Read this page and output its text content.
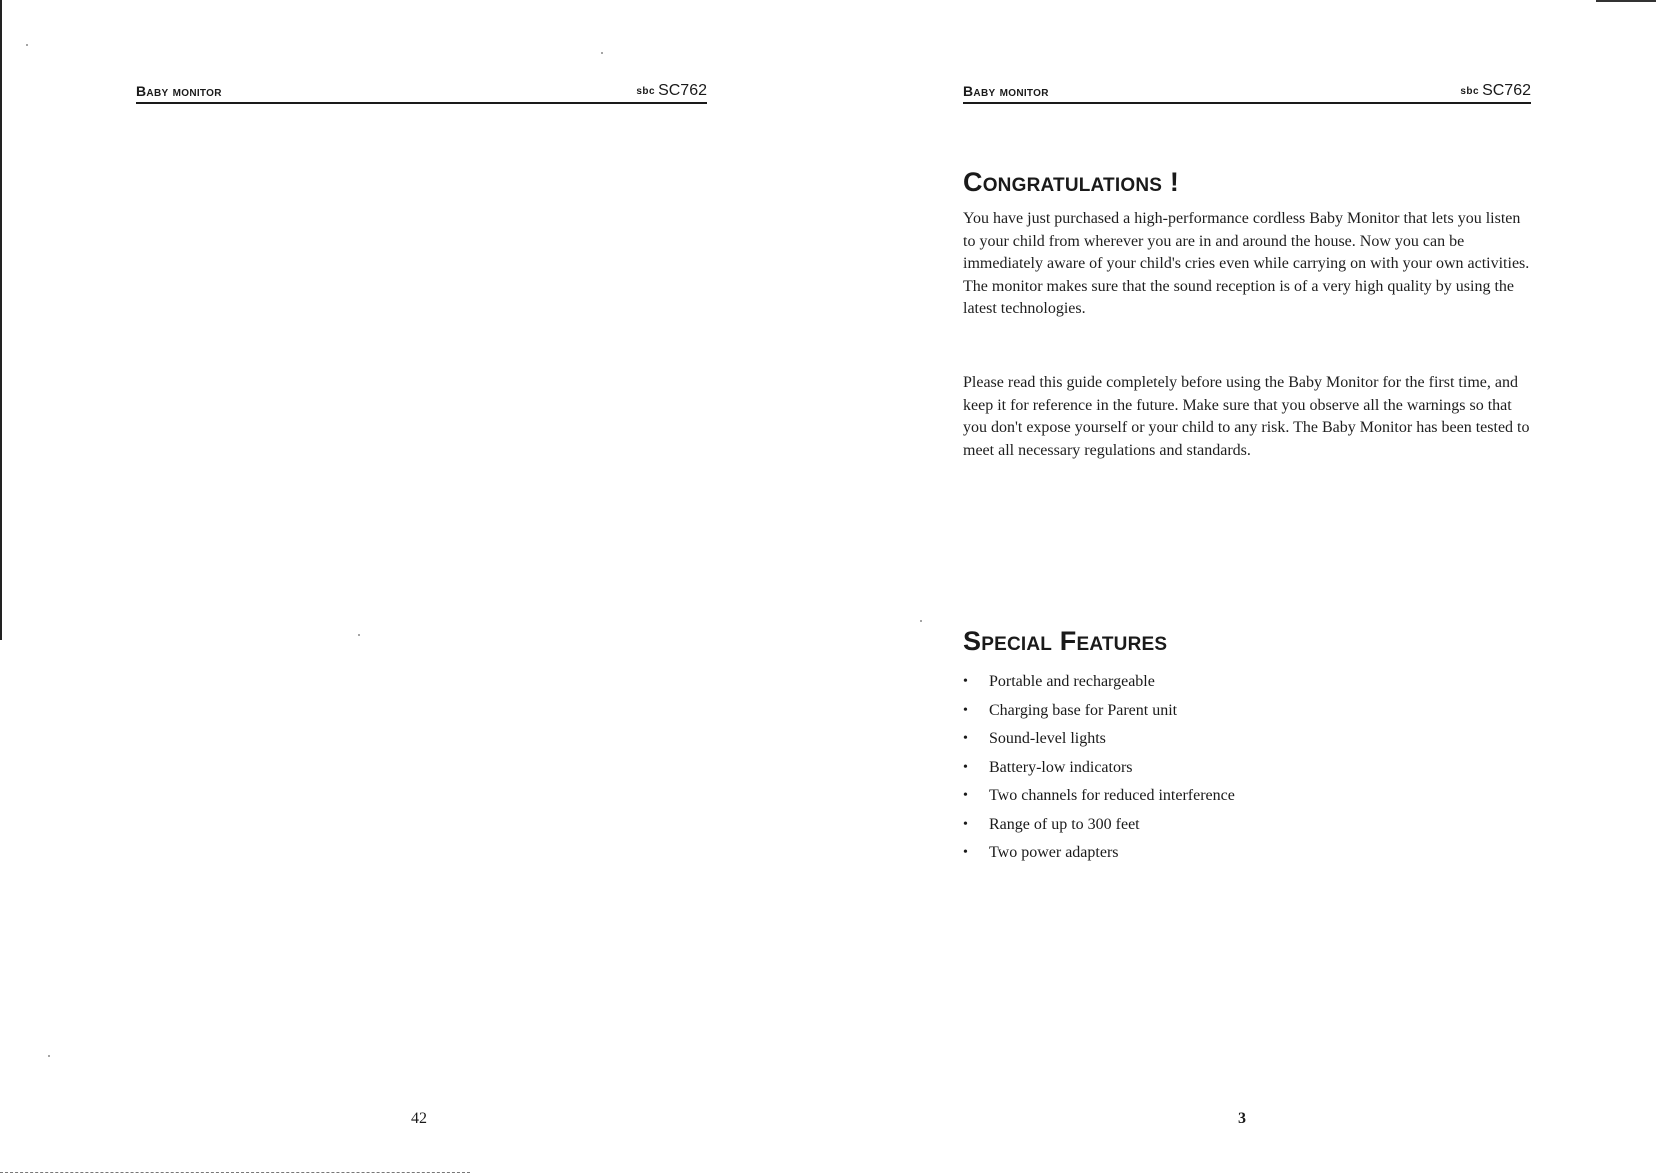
Baby monitor	sbc SC762
42
Baby monitor	sbc SC762
Congratulations !

You have just purchased a high-performance cordless Baby Monitor that lets you listen to your child from wherever you are in and around the house. Now you can be immediately aware of your child's cries even while carrying on with your own activities. The monitor makes sure that the sound reception is of a very high quality by using the latest technologies.

Please read this guide completely before using the Baby Monitor for the first time, and keep it for reference in the future. Make sure that you observe all the warnings so that you don't expose yourself or your child to any risk. The Baby Monitor has been tested to meet all necessary regulations and standards.

Special Features
• Portable and rechargeable
• Charging base for Parent unit
• Sound-level lights
• Battery-low indicators
• Two channels for reduced interference
• Range of up to 300 feet
• Two power adapters
3
